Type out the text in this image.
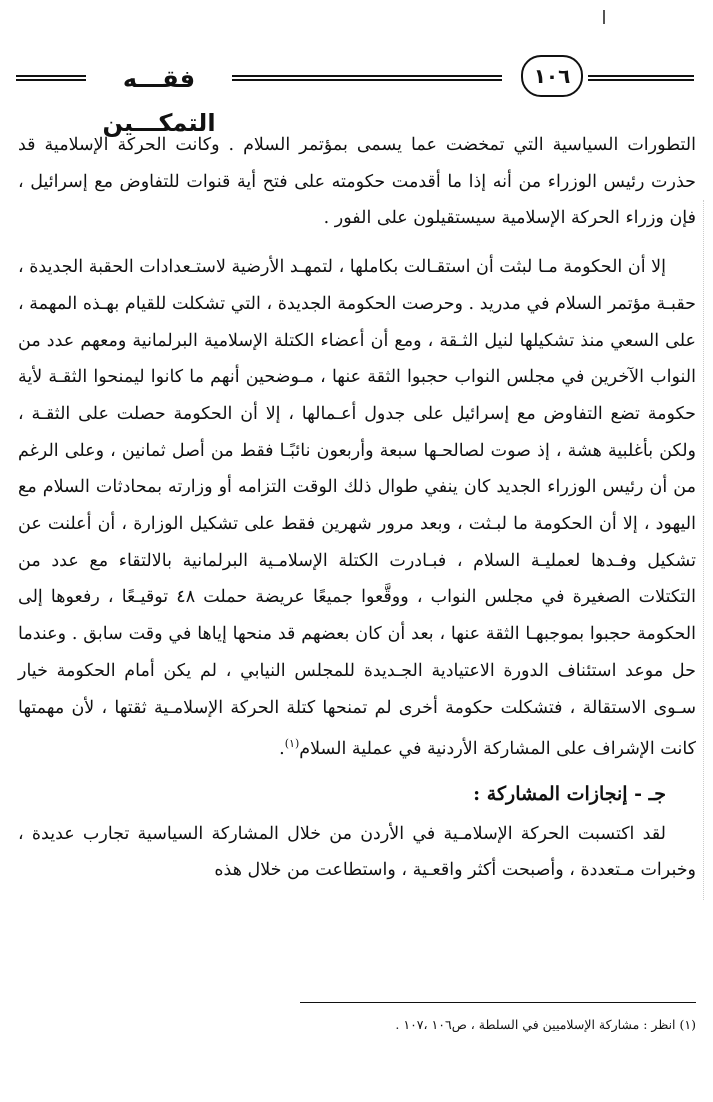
فقـــه التمكـــين
١٠٦

التطورات السياسية التي تمخضت عما يسمى بمؤتمر السلام . وكانت الحركة الإسلامية قد حذرت رئيس الوزراء من أنه إذا ما أقدمت حكومته على فتح أية قنوات للتفاوض مع إسرائيل ، فإن وزراء الحركة الإسلامية سيستقيلون على الفور .

إلا أن الحكومة مـا لبثت أن استقـالت بكاملها ، لتمهـد الأرضية لاستـعدادات الحقبة الجديدة ، حقبـة مؤتمر السلام في مدريد . وحرصت الحكومة الجديدة ، التي تشكلت للقيام بهـذه المهمة ، على السعي منذ تشكيلها لنيل الثـقة ، ومع أن أعضاء الكتلة الإسلامية البرلمانية ومعهم عدد من النواب الآخرين في مجلس النواب حجبوا الثقة عنها ، مـوضحين أنهم ما كانوا ليمنحوا الثقـة لأية حكومة تضع التفاوض مع إسرائيل على جدول أعـمالها ، إلا أن الحكومة حصلت على الثقـة ، ولكن بأغلبية هشة ، إذ صوت لصالحـها سبعة وأربعون نائبًـا فقط من أصل ثمانين ، وعلى الرغم من أن رئيس الوزراء الجديد كان ينفي طوال ذلك الوقت التزامه أو وزارته بمحادثات السلام مع اليهود ، إلا أن الحكومة ما لبـثت ، وبعد مرور شهرين فقط على تشكيل الوزارة ، أن أعلنت عن تشكيل وفـدها لعمليـة السلام ، فبـادرت الكتلة الإسلامـية البرلمانية بالالتقاء مع عدد من التكتلات الصغيرة في مجلس النواب ، ووقَّعوا جميعًا عريضة حملت ٤٨ توقيـعًا ، رفعوها إلى الحكومة حجبوا بموجبهـا الثقة عنها ، بعد أن كان بعضهم قد منحها إياها في وقت سابق . وعندما حل موعد استئناف الدورة الاعتيادية الجـديدة للمجلس النيابي ، لم يكن أمام الحكومة خيار سـوى الاستقالة ، فتشكلت حكومة أخرى لم تمنحها كتلة الحركة الإسلامـية ثقتها ، لأن مهمتها كانت الإشراف على المشاركة الأردنية في عملية السلام$^{(١)}$.

جـ - إنجازات المشاركة :

لقد اكتسبت الحركة الإسلامـية في الأردن من خلال المشاركة السياسية تجارب عديدة ، وخبرات مـتعددة ، وأصبحت أكثر واقعـية ، واستطاعت من خلال هذه

(١) انظر : مشاركة الإسلاميين في السلطة ، ص١٠٦ ،١٠٧ .
